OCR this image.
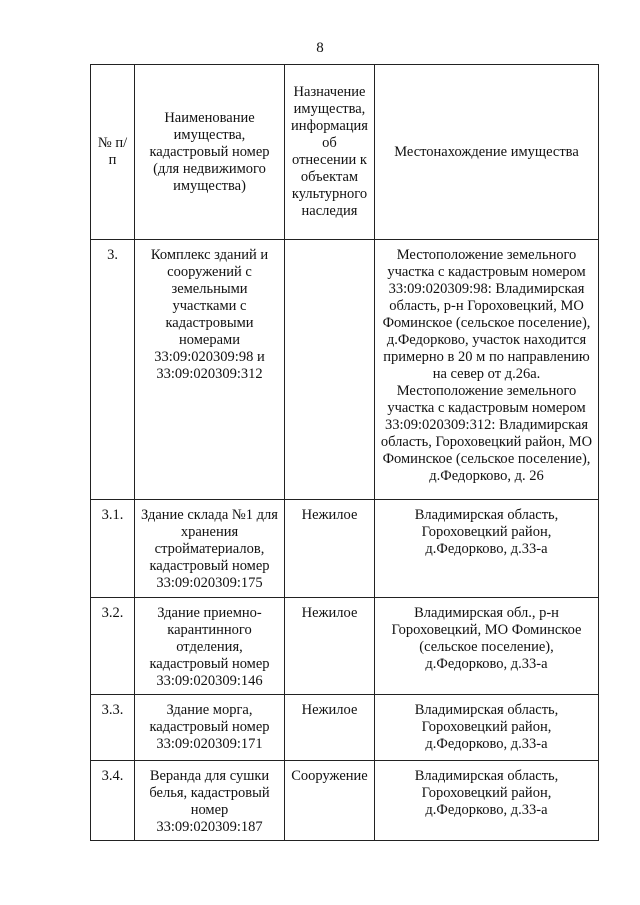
8
№ п/п	Наименование имущества, кадастровый номер (для недвижимого имущества)	Назначение имущества, информация об отнесении к объектам культурного наследия	Местонахождение имущества
3.	Комплекс зданий и сооружений с земельными участками с кадастровыми номерами 33:09:020309:98 и 33:09:020309:312		Местоположение земельного участка с кадастровым номером 33:09:020309:98: Владимирская область, р-н Гороховецкий, МО Фоминское (сельское поселение), д.Федорково, участок находится примерно в 20 м по направлению на север от д.26а. Местоположение земельного участка с кадастровым номером 33:09:020309:312: Владимирская область, Гороховецкий район, МО Фоминское (сельское поселение), д.Федорково, д. 26
3.1.	Здание склада №1 для хранения стройматериалов, кадастровый номер 33:09:020309:175	Нежилое	Владимирская область, Гороховецкий район, д.Федорково, д.33-а
3.2.	Здание приемно-карантинного отделения, кадастровый номер 33:09:020309:146	Нежилое	Владимирская обл., р-н Гороховецкий, МО Фоминское (сельское поселение), д.Федорково, д.33-а
3.3.	Здание морга, кадастровый номер 33:09:020309:171	Нежилое	Владимирская область, Гороховецкий район, д.Федорково, д.33-а
3.4.	Веранда для сушки белья, кадастровый номер 33:09:020309:187	Сооружение	Владимирская область, Гороховецкий район, д.Федорково, д.33-а
